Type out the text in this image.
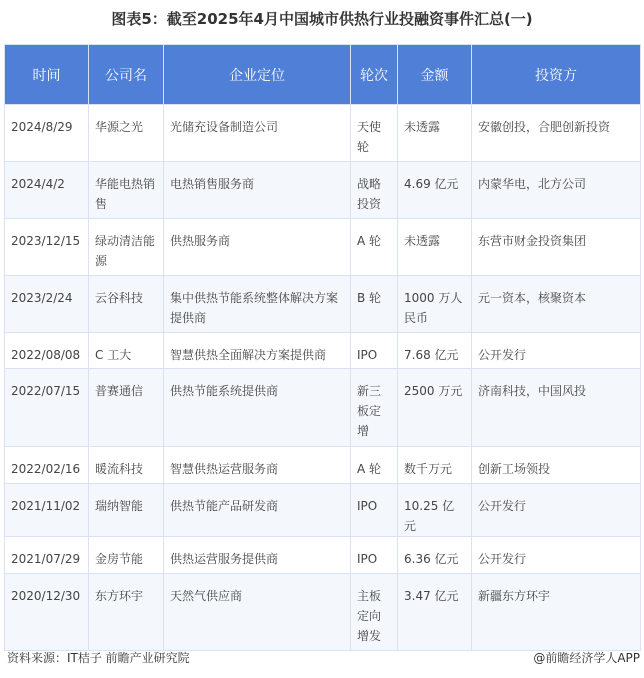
图表5：截至2025年4月中国城市供热行业投融资事件汇总(一)
时间	公司名	企业定位	轮次	金额	投资方
2024/8/29	华源之光	光储充设备制造公司	天使轮	未透露	安徽创投，合肥创新投资
2024/4/2	华能电热销售	电热销售服务商	战略投资	4.69 亿元	内蒙华电，北方公司
2023/12/15	绿动清洁能源	供热服务商	A 轮	未透露	东营市财金投资集团
2023/2/24	云谷科技	集中供热节能系统整体解决方案提供商	B 轮	1000 万人民币	元一资本，核聚资本
2022/08/08	C 工大	智慧供热全面解决方案提供商	IPO	7.68 亿元	公开发行
2022/07/15	普赛通信	供热节能系统提供商	新三板定增	2500 万元	济南科技，中国风投
2022/02/16	暖流科技	智慧供热运营服务商	A 轮	数千万元	创新工场领投
2021/11/02	瑞纳智能	供热节能产品研发商	IPO	10.25 亿元	公开发行
2021/07/29	金房节能	供热运营服务提供商	IPO	6.36 亿元	公开发行
2020/12/30	东方环宇	天然气供应商	主板定向增发	3.47 亿元	新疆东方环宇
资料来源：IT桔子 前瞻产业研究院	@前瞻经济学人APP
